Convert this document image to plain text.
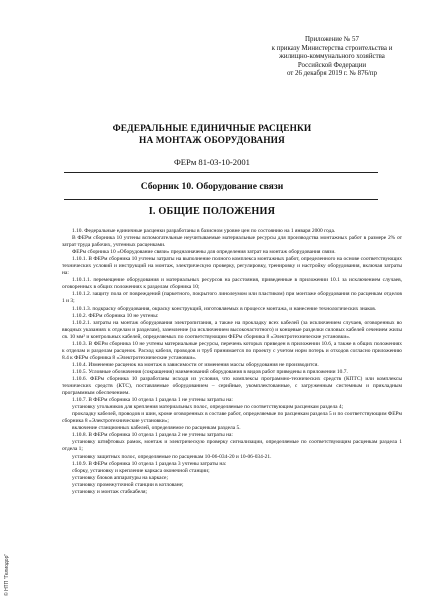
Приложение № 57
к приказу Министерства строительства и
жилищно-коммунального хозяйства
Российской Федерации
от 26 декабря 2019 г. № 876/пр
ФЕДЕРАЛЬНЫЕ ЕДИНИЧНЫЕ РАСЦЕНКИ
НА МОНТАЖ ОБОРУДОВАНИЯ
ФЕРм 81-03-10-2001
Сборник 10. Оборудование связи
I. ОБЩИЕ ПОЛОЖЕНИЯ

1.10. Федеральные единичные расценки разработаны в базисном уровне цен по состоянию на 1 января 2000 года.

В ФЕРм сборника 10 учтены вспомогательные неучитываемые материальные ресурсы для производства монтажных работ в размере 2% от затрат труда рабочих, учтенных расценками.

ФЕРм сборника 10 «Оборудование связи» предназначены для определения затрат на монтаж оборудования связи.

1.10.1. В ФЕРм сборника 10 учтены затраты на выполнение полного комплекса монтажных работ, определенного на основе соответствующих технических условий и инструкций на монтаж, электрическую проверку, регулировку, тренировку и настройку оборудования, включая затраты на:

1.10.1.1. перемещение оборудования и материальных ресурсов на расстояния, приведенные в приложении 10.1 за исключением случаев, оговоренных в общих положениях к разделам сборника 10;

1.10.1.2. защиту пола от повреждений (паркетного, покрытого линолеумом или пластиком) при монтаже оборудования по расценкам отделов 1 и 3;

1.10.1.3. подкраску оборудования, окраску конструкций, изготовляемых в процессе монтажа, и нанесение технологических знаков.

1.10.2. ФЕРм сборника 10 не учтены:

1.10.2.1. затраты на монтаж оборудования электропитания, а также на прокладку всех кабелей (за исключением случаев, оговоренных во вводных указаниях к отделам и разделам), заземление (за исключением высокочастотного) и концевые разделки силовых кабелей сечением жилы св. 10 мм² и контрольных кабелей, определяемых по соответствующим ФЕРм сборника 8 «Электротехнические установки».

1.10.3. В ФЕРм сборника 10 не учтены материальные ресурсы, перечень которых приведен в приложении 10.6, а также в общих положениях к отделам и разделам расценок. Расход кабеля, проводов и труб принимается по проекту с учетом норм потерь и отходов согласно приложению 8.4 к ФЕРм сборника 8 «Электротехнические установки».

1.10.4. Изменение расценок на монтаж в зависимости от изменения массы оборудования не производится.

1.10.5. Условные обозначения (сокращения) наименований оборудования в видов работ приведены в приложении 10.7.

1.10.6. ФЕРм сборника 10 разработаны исходя из условия, что комплексы программно-технических средств (КПТС) или комплексы технических средств (КТС), поставляемые оборудованием – серийные, укомплектованные, с загруженным системным и прикладным программным обеспечением.

1.10.7. В ФЕРм сборника 10 отдела 1 раздела 1 не учтены затраты на:

установку угольников для крепления материальных полос, определяемые по соответствующим расценкам раздела 4;

прокладку кабелей, проводов и шин, кроме оговоренных в составе работ, определяемые по расценкам раздела 5 и по соответствующим ФЕРм сборника 8 «Электротехнические установки»;

включение станционных кабелей, определяемое по расценкам раздела 5.

1.10.8. В ФЕРм сборника 10 отдела 1 раздела 2 не учтены затраты на:

установку штифтовых рамок, монтаж и электрическую проверку сигнализации, определяемые по соответствующим расценкам раздела 1 отдела 1;

установку защитных полос, определяемые по расценкам 10-06-034-20 и 10-06-034-21.

1.10.9. В ФЕРм сборника 10 отдела 1 раздела 3 учтены затраты на:

сборку, установку и крепление каркаса оконечной станции;

установку блоков аппаратуры на каркасе;

установку промежуточной станции в котловане;

установку и монтаж стабкабеля;

© НТП "Гелиодор"
